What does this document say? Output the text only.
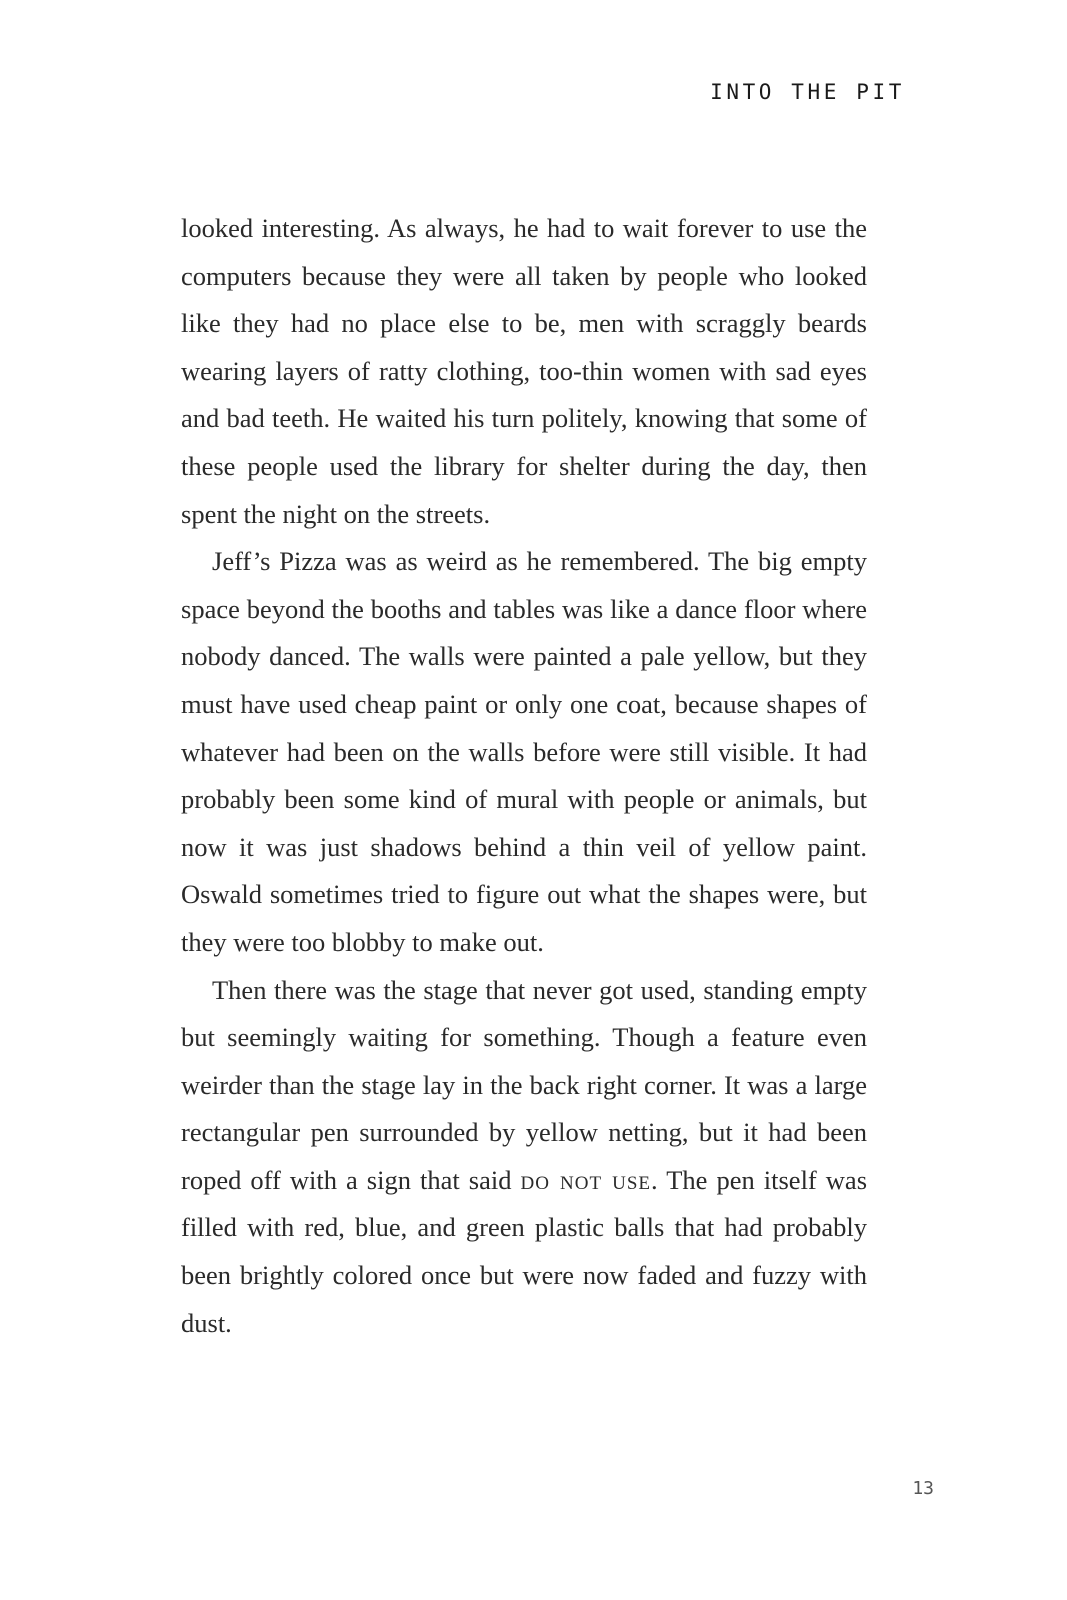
INTO THE PIT

looked interesting. As always, he had to wait forever to use the computers because they were all taken by people who looked like they had no place else to be, men with scraggly beards wearing layers of ratty clothing, too-thin women with sad eyes and bad teeth. He waited his turn politely, knowing that some of these people used the library for shelter during the day, then spent the night on the streets.

Jeff’s Pizza was as weird as he remembered. The big empty space beyond the booths and tables was like a dance floor where nobody danced. The walls were painted a pale yellow, but they must have used cheap paint or only one coat, because shapes of whatever had been on the walls before were still visible. It had probably been some kind of mural with people or animals, but now it was just shadows behind a thin veil of yellow paint. Oswald sometimes tried to figure out what the shapes were, but they were too blobby to make out.

Then there was the stage that never got used, standing empty but seemingly waiting for something. Though a feature even weirder than the stage lay in the back right corner. It was a large rectangular pen surrounded by yellow netting, but it had been roped off with a sign that said do not use. The pen itself was filled with red, blue, and green plastic balls that had probably been brightly colored once but were now faded and fuzzy with dust.

13
